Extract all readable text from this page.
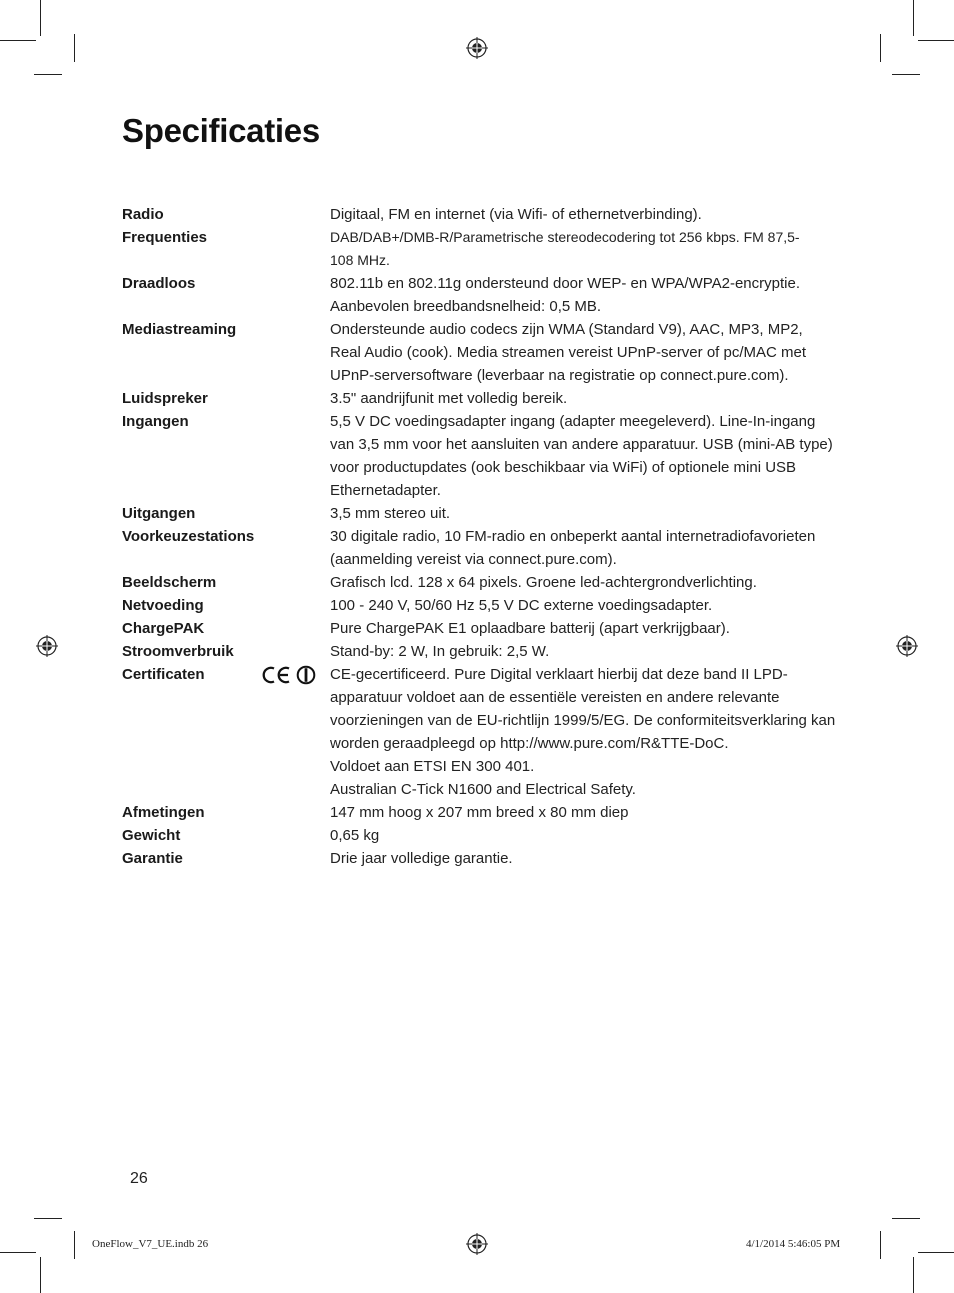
Specificaties
Radio	Digitaal, FM en internet (via Wifi- of ethernetverbinding).
Frequenties	DAB/DAB+/DMB-R/Parametrische stereodecodering tot 256 kbps. FM 87,5-
108 MHz.
Draadloos	802.11b en 802.11g ondersteund door WEP- en WPA/WPA2-encryptie.
Aanbevolen breedbandsnelheid: 0,5 MB.
Mediastreaming	Ondersteunde audio codecs zijn WMA (Standard V9), AAC, MP3, MP2,
Real Audio (cook). Media streamen vereist UPnP-server of pc/MAC met
UPnP-serversoftware (leverbaar na registratie op connect.pure.com).
Luidspreker	3.5" aandrijfunit met volledig bereik.
Ingangen	5,5 V DC voedingsadapter ingang (adapter meegeleverd). Line-In-ingang
van 3,5 mm voor het aansluiten van andere apparatuur. USB (mini-AB type)
voor productupdates (ook beschikbaar via WiFi) of optionele mini USB
Ethernetadapter.
Uitgangen	3,5 mm stereo uit.
Voorkeuzestations	30 digitale radio, 10 FM-radio en onbeperkt aantal internetradiofavorieten
(aanmelding vereist via connect.pure.com).
Beeldscherm	Grafisch lcd. 128 x 64 pixels. Groene led-achtergrondverlichting.
Netvoeding	100 - 240 V, 50/60 Hz 5,5 V DC externe voedingsadapter.
ChargePAK	Pure ChargePAK E1 oplaadbare batterij (apart verkrijgbaar).
Stroomverbruik	Stand-by: 2 W, In gebruik: 2,5 W.
Certificaten	CE-gecertificeerd. Pure Digital verklaart hierbij dat deze band II LPD-
apparatuur voldoet aan de essentiële vereisten en andere relevante
voorzieningen van de EU-richtlijn 1999/5/EG. De conformiteitsverklaring kan
worden geraadpleegd op http://www.pure.com/R&TTE-DoC.
Voldoet aan ETSI EN 300 401.
Australian C-Tick N1600 and Electrical Safety.
Afmetingen	147 mm hoog x 207 mm breed x 80 mm diep
Gewicht	0,65 kg
Garantie	Drie jaar volledige garantie.
26
OneFlow_V7_UE.indb 26	4/1/2014 5:46:05 PM
